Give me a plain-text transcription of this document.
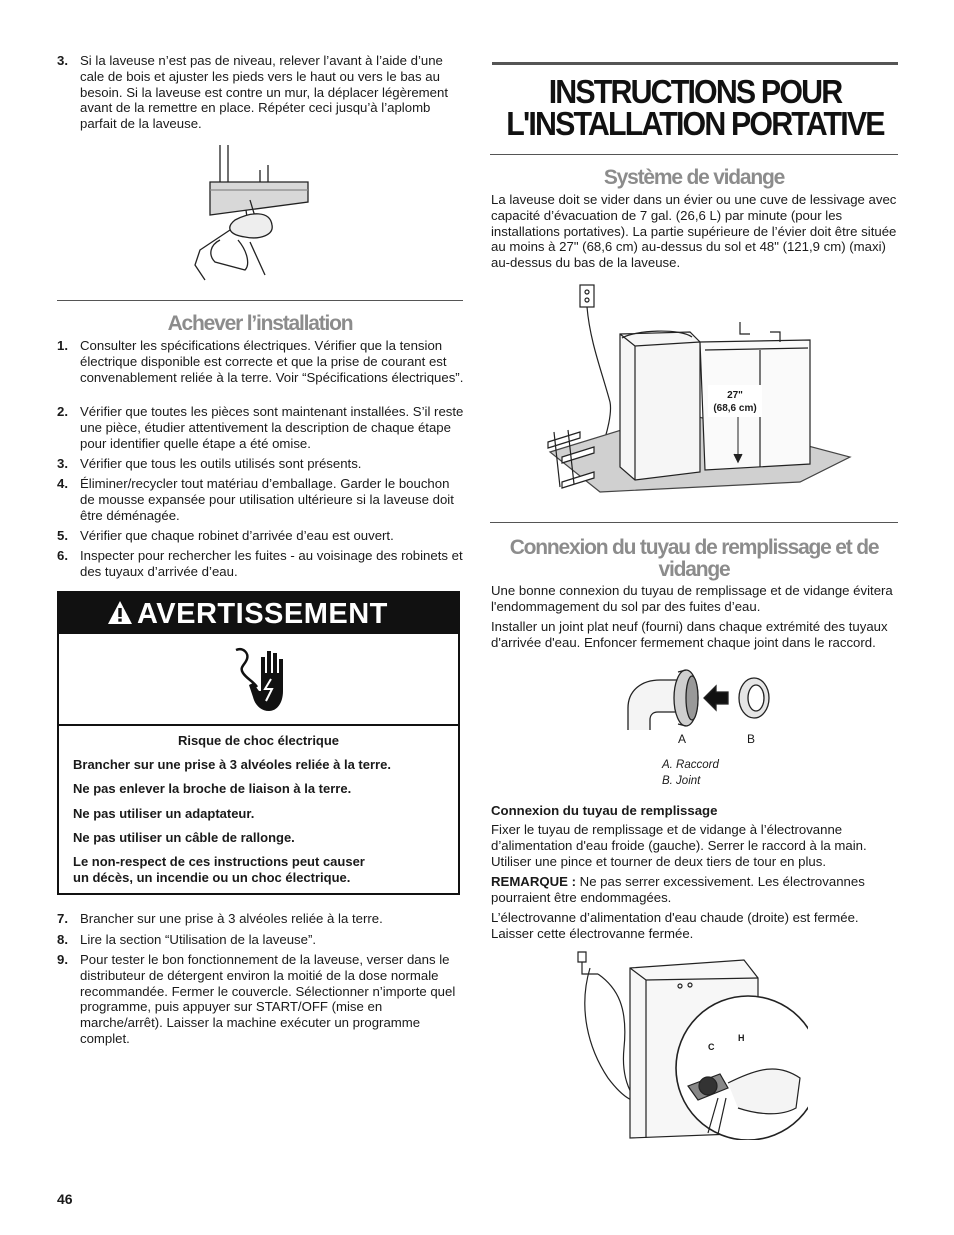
3. Si la laveuse n’est pas de niveau, relever l’avant à l’aide d’une cale de bois et ajuster les pieds vers le haut ou vers le bas au besoin. Si la laveuse est contre un mur, la déplacer légèrement avant de la remettre en place. Répéter ceci jusqu’à l’aplomb parfait de la laveuse.
Achever l’installation
1. Consulter les spécifications électriques. Vérifier que la tension électrique disponible est correcte et que la prise de courant est convenablement reliée à la terre. Voir “Spécifications électriques”.
2. Vérifier que toutes les pièces sont maintenant installées. S’il reste une pièce, étudier attentivement la description de chaque étape pour identifier quelle étape a été omise.
3. Vérifier que tous les outils utilisés sont présents.
4. Éliminer/recycler tout matériau d’emballage. Garder le bouchon de mousse expansée pour utilisation ultérieure si la laveuse doit être déménagée.
5. Vérifier que chaque robinet d’arrivée d’eau est ouvert.
6. Inspecter pour rechercher les fuites - au voisinage des robinets et des tuyaux d’arrivée d’eau.
AVERTISSEMENT
Risque de choc électrique
Brancher sur une prise à 3 alvéoles reliée à la terre.
Ne pas enlever la broche de liaison à la terre.
Ne pas utiliser un adaptateur.
Ne pas utiliser un câble de rallonge.
Le non-respect de ces instructions peut causer
un décès, un incendie ou un choc électrique.
7. Brancher sur une prise à 3 alvéoles reliée à la terre.
8. Lire la section “Utilisation de la laveuse”.
9. Pour tester le bon fonctionnement de la laveuse, verser dans le distributeur de détergent environ la moitié de la dose normale recommandée. Fermer le couvercle. Sélectionner n’importe quel programme, puis appuyer sur START/OFF (mise en marche/arrêt). Laisser la machine exécuter un programme complet.
46
INSTRUCTIONS POUR
L'INSTALLATION PORTATIVE
Système de vidange
La laveuse doit se vider dans un évier ou une cuve de lessivage avec capacité d’évacuation de 7 gal. (26,6 L) par minute (pour les installations portatives). La partie supérieure de l’évier doit être située au moins à 27" (68,6 cm) au-dessus du sol et 48" (121,9 cm) (maxi) au-dessus du bas de la laveuse.
27"
(68,6 cm)
Connexion du tuyau de remplissage et de vidange
Une bonne connexion du tuyau de remplissage et de vidange évitera l'endommagement du sol par des fuites d’eau.
Installer un joint plat neuf (fourni) dans chaque extrémité des tuyaux d'arrivée d'eau. Enfoncer fermement chaque joint dans le raccord.
A	B
A. Raccord
B. Joint
Connexion du tuyau de remplissage
Fixer le tuyau de remplissage et de vidange à l’électrovanne d’alimentation d'eau froide (gauche). Serrer le raccord à la main. Utiliser une pince et tourner de deux tiers de tour en plus.
REMARQUE : Ne pas serrer excessivement. Les électrovannes pourraient être endommagées.
L’électrovanne d’alimentation d'eau chaude (droite) est fermée. Laisser cette électrovanne fermée.
C
H
